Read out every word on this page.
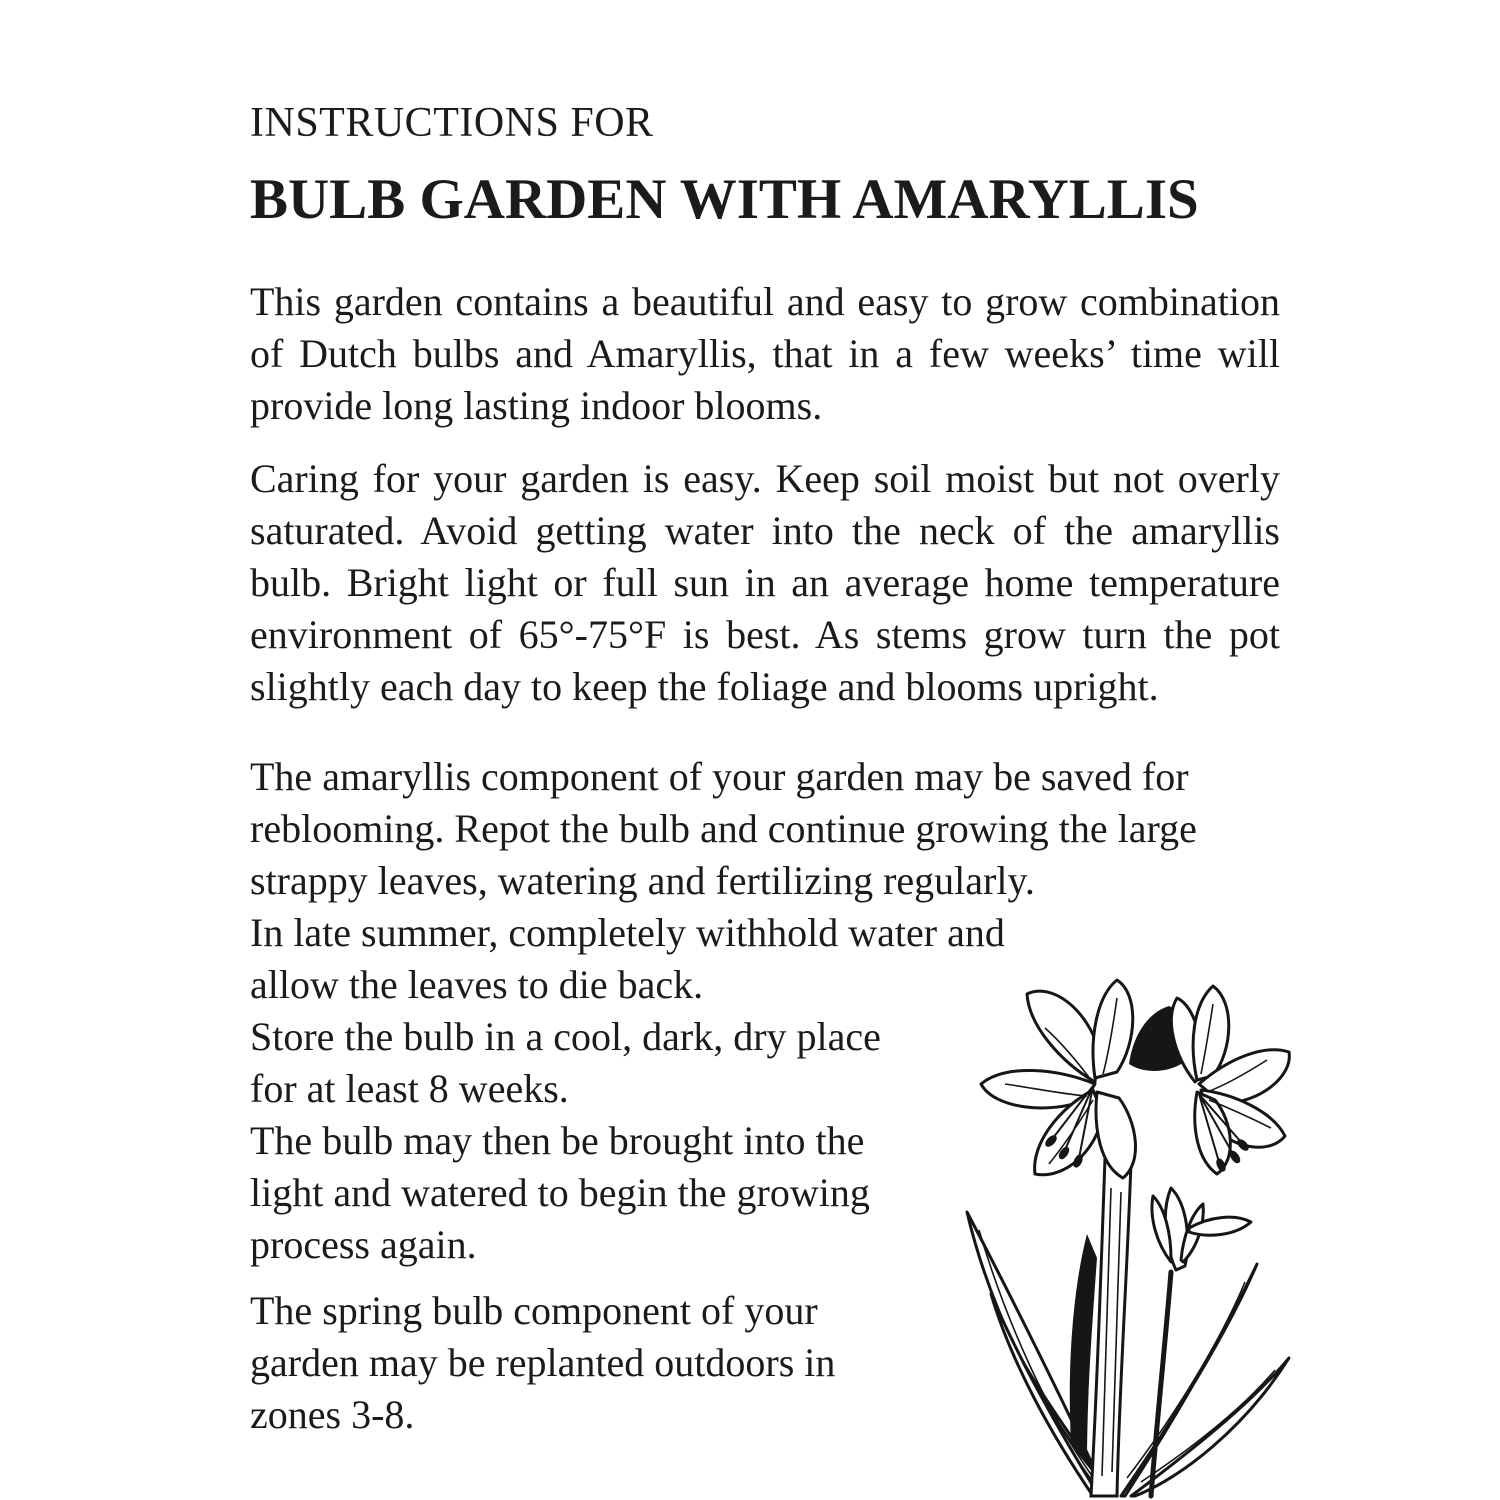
INSTRUCTIONS FOR
BULB GARDEN WITH AMARYLLIS

This garden contains a beautiful and easy to grow combination of Dutch bulbs and Amaryllis, that in a few weeks’ time will provide long lasting indoor blooms.

Caring for your garden is easy. Keep soil moist but not overly saturated. Avoid getting water into the neck of the amaryllis bulb. Bright light or full sun in an average home temperature environment of 65°-75°F is best. As stems grow turn the pot slightly each day to keep the foliage and blooms upright.

The amaryllis component of your garden may be saved for
reblooming. Repot the bulb and continue growing the large
strappy leaves, watering and fertilizing regularly.
In late summer, completely withhold water and
allow the leaves to die back.
Store the bulb in a cool, dark, dry place
for at least 8 weeks.
The bulb may then be brought into the
light and watered to begin the growing
process again.
The spring bulb component of your
garden may be replanted outdoors in
zones 3-8.
